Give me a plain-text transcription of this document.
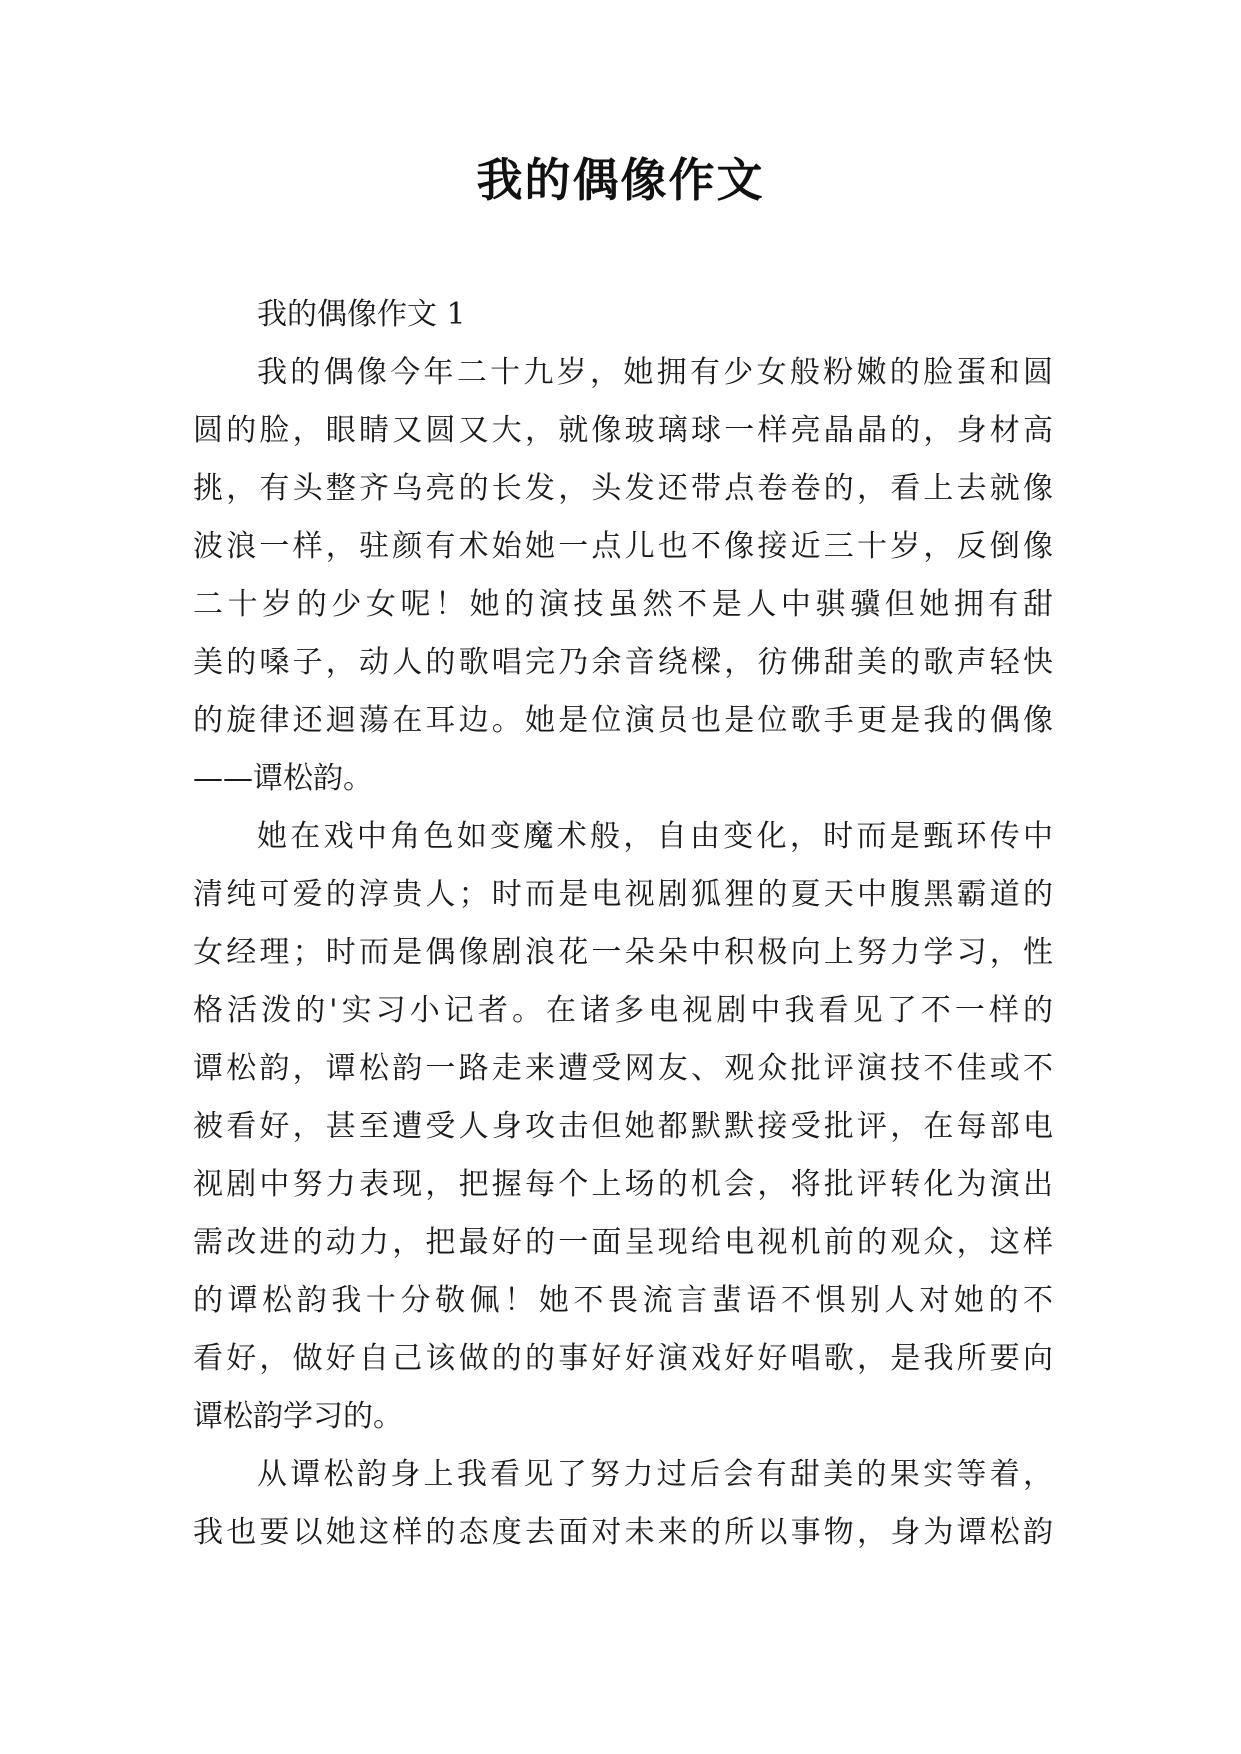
我的偶像作文
我的偶像作文 1
我的偶像今年二十九岁，她拥有少女般粉嫩的脸蛋和圆
圆的脸，眼睛又圆又大，就像玻璃球一样亮晶晶的，身材高
挑，有头整齐乌亮的长发，头发还带点卷卷的，看上去就像
波浪一样，驻颜有术始她一点儿也不像接近三十岁，反倒像
二十岁的少女呢！她的演技虽然不是人中骐骥但她拥有甜
美的嗓子，动人的歌唱完乃余音绕樑，彷佛甜美的歌声轻快
的旋律还迴蕩在耳边。她是位演员也是位歌手更是我的偶像
——谭松韵。
她在戏中角色如变魔术般，自由变化，时而是甄环传中
清纯可爱的淳贵人；时而是电视剧狐狸的夏天中腹黑霸道的
女经理；时而是偶像剧浪花一朵朵中积极向上努力学习，性
格活泼的'实习小记者。在诸多电视剧中我看见了不一样的
谭松韵，谭松韵一路走来遭受网友、观众批评演技不佳或不
被看好，甚至遭受人身攻击但她都默默接受批评，在每部电
视剧中努力表现，把握每个上场的机会，将批评转化为演出
需改进的动力，把最好的一面呈现给电视机前的观众，这样
的谭松韵我十分敬佩！她不畏流言蜚语不惧别人对她的不
看好，做好自己该做的的事好好演戏好好唱歌，是我所要向
谭松韵学习的。
从谭松韵身上我看见了努力过后会有甜美的果实等着，
我也要以她这样的态度去面对未来的所以事物，身为谭松韵
